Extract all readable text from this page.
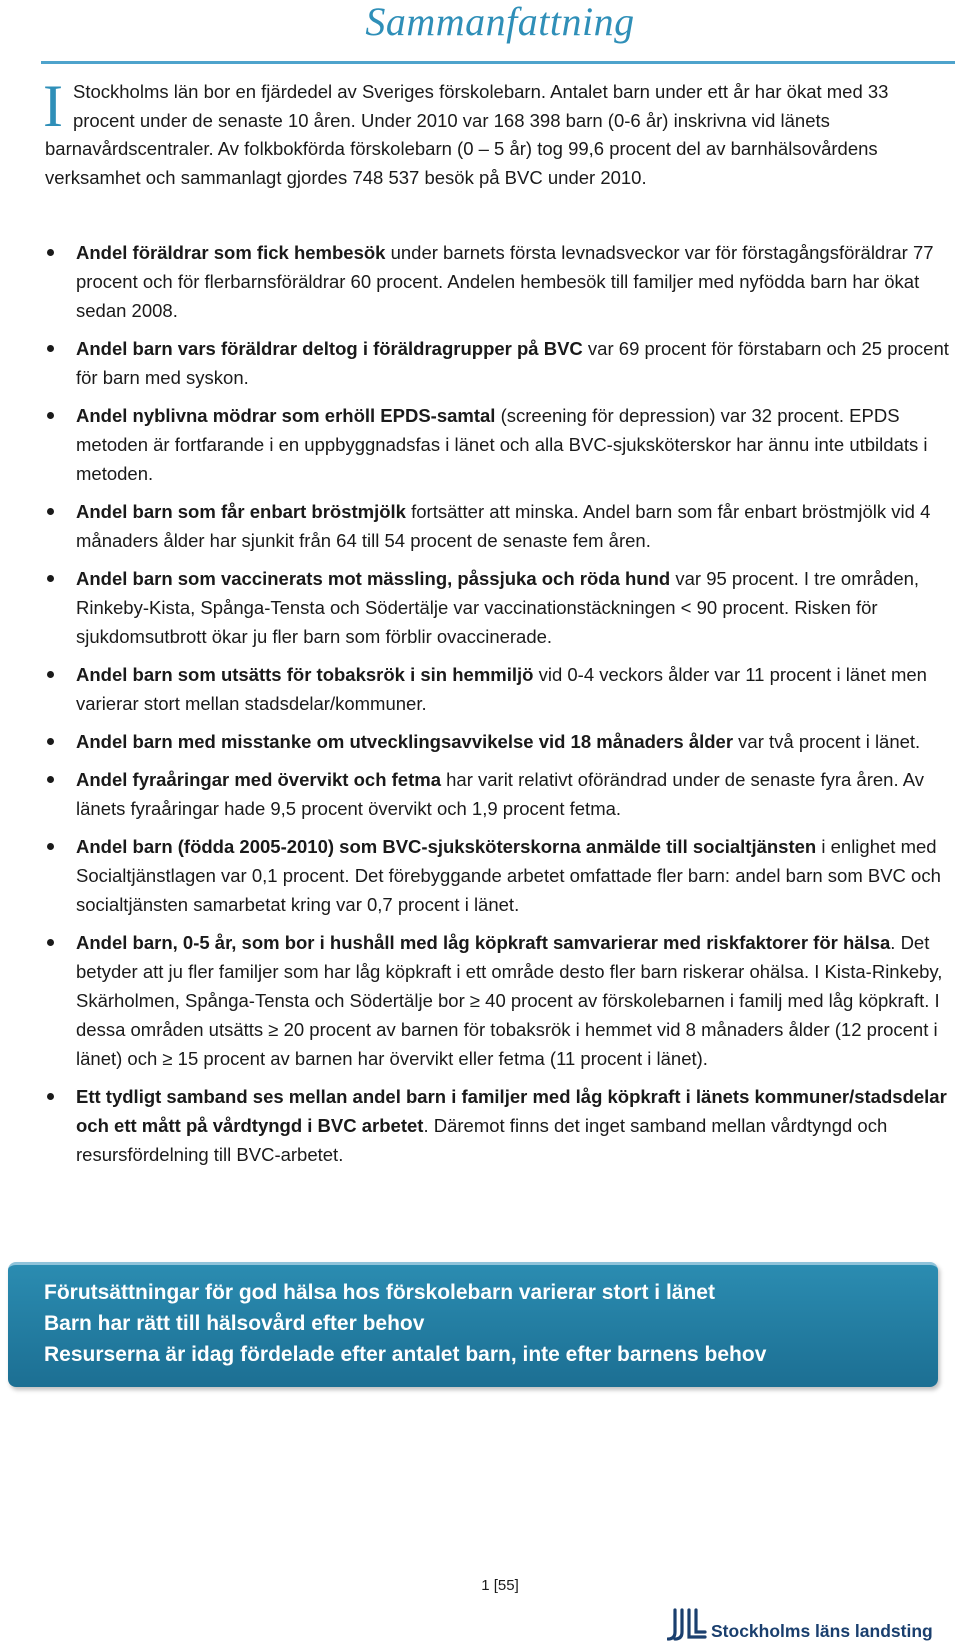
Sammanfattning
I Stockholms län bor en fjärdedel av Sveriges förskolebarn. Antalet barn under ett år har ökat med 33 procent under de senaste 10 åren. Under 2010 var 168 398 barn (0-6 år) inskrivna vid länets barnavårdscentraler. Av folkbokförda förskolebarn (0 – 5 år) tog 99,6 procent del av barnhälsovårdens verksamhet och sammanlagt gjordes 748 537 besök på BVC under 2010.
Andel föräldrar som fick hembesök under barnets första levnadsveckor var för förstagångsföräldrar 77 procent och för flerbarnsföräldrar 60 procent. Andelen hembesök till familjer med nyfödda barn har ökat sedan 2008.
Andel barn vars föräldrar deltog i föräldragrupper på BVC var 69 procent för förstabarn och 25 procent för barn med syskon.
Andel nyblivna mödrar som erhöll EPDS-samtal (screening för depression) var 32 procent. EPDS metoden är fortfarande i en uppbyggnadsfas i länet och alla BVC-sjuksköterskor har ännu inte utbildats i metoden.
Andel barn som får enbart bröstmjölk fortsätter att minska. Andel barn som får enbart bröstmjölk vid 4 månaders ålder har sjunkit från 64 till 54 procent de senaste fem åren.
Andel barn som vaccinerats mot mässling, påssjuka och röda hund var 95 procent. I tre områden, Rinkeby-Kista, Spånga-Tensta och Södertälje var vaccinationstäckningen < 90 procent. Risken för sjukdomsutbrott ökar ju fler barn som förblir ovaccinerade.
Andel barn som utsätts för tobaksrök i sin hemmiljö vid 0-4 veckors ålder var 11 procent i länet men varierar stort mellan stadsdelar/kommuner.
Andel barn med misstanke om utvecklingsavvikelse vid 18 månaders ålder var två procent i länet.
Andel fyraåringar med övervikt och fetma har varit relativt oförändrad under de senaste fyra åren. Av länets fyraåringar hade 9,5 procent övervikt och 1,9 procent fetma.
Andel barn (födda 2005-2010) som BVC-sjuksköterskorna anmälde till socialtjänsten i enlighet med Socialtjänstlagen var 0,1 procent. Det förebyggande arbetet omfattade fler barn: andel barn som BVC och socialtjänsten samarbetat kring var 0,7 procent i länet.
Andel barn, 0-5 år, som bor i hushåll med låg köpkraft samvarierar med riskfaktorer för hälsa. Det betyder att ju fler familjer som har låg köpkraft i ett område desto fler barn riskerar ohälsa. I Kista-Rinkeby, Skärholmen, Spånga-Tensta och Södertälje bor ≥ 40 procent av förskolebarnen i familj med låg köpkraft. I dessa områden utsätts ≥ 20 procent av barnen för tobaksrök i hemmet vid 8 månaders ålder (12 procent i länet) och ≥ 15 procent av barnen har övervikt eller fetma (11 procent i länet).
Ett tydligt samband ses mellan andel barn i familjer med låg köpkraft i länets kommuner/stadsdelar och ett mått på vårdtyngd i BVC arbetet. Däremot finns det inget samband mellan vårdtyngd och resursfördelning till BVC-arbetet.
Förutsättningar för god hälsa hos förskolebarn varierar stort i länet
Barn har rätt till hälsovård efter behov
Resurserna är idag fördelade efter antalet barn, inte efter barnens behov
1 [55]
Stockholms läns landsting
